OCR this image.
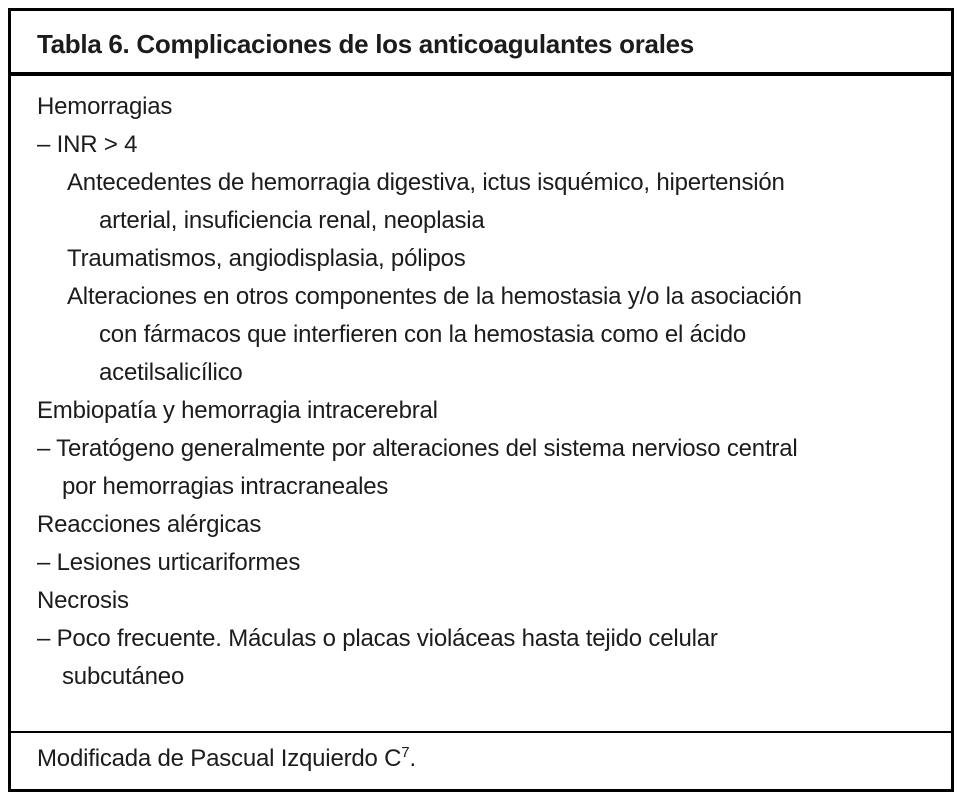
Tabla 6. Complicaciones de los anticoagulantes orales
Hemorragias
– INR > 4
Antecedentes de hemorragia digestiva, ictus isquémico, hipertensión
arterial, insuficiencia renal, neoplasia
Traumatismos, angiodisplasia, pólipos
Alteraciones en otros componentes de la hemostasia y/o la asociación
con fármacos que interfieren con la hemostasia como el ácido
acetilsalicílico
Embiopatía y hemorragia intracerebral
– Teratógeno generalmente por alteraciones del sistema nervioso central
por hemorragias intracraneales
Reacciones alérgicas
– Lesiones urticariformes
Necrosis
– Poco frecuente. Máculas o placas violáceas hasta tejido celular
subcutáneo
Modificada de Pascual Izquierdo $C^7$.
